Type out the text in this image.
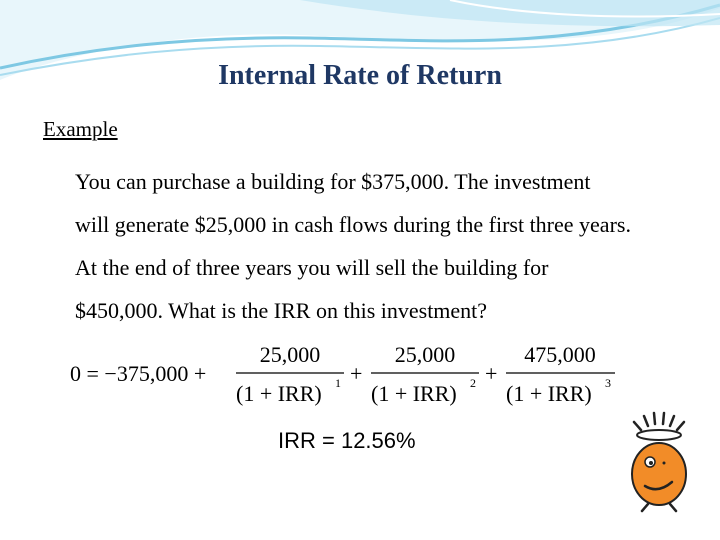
Internal Rate of Return
Example
You can purchase a building for $375,000. The investment
will generate $25,000 in cash flows during the first three years.
At the end of three years you will sell the building for
$450,000. What is the IRR on this investment?
0 = −375,000 +
25,000
(1 + IRR) 1 +
25,000
(1 + IRR) 2 +
475,000
(1 + IRR) 3
IRR = 12.56%
